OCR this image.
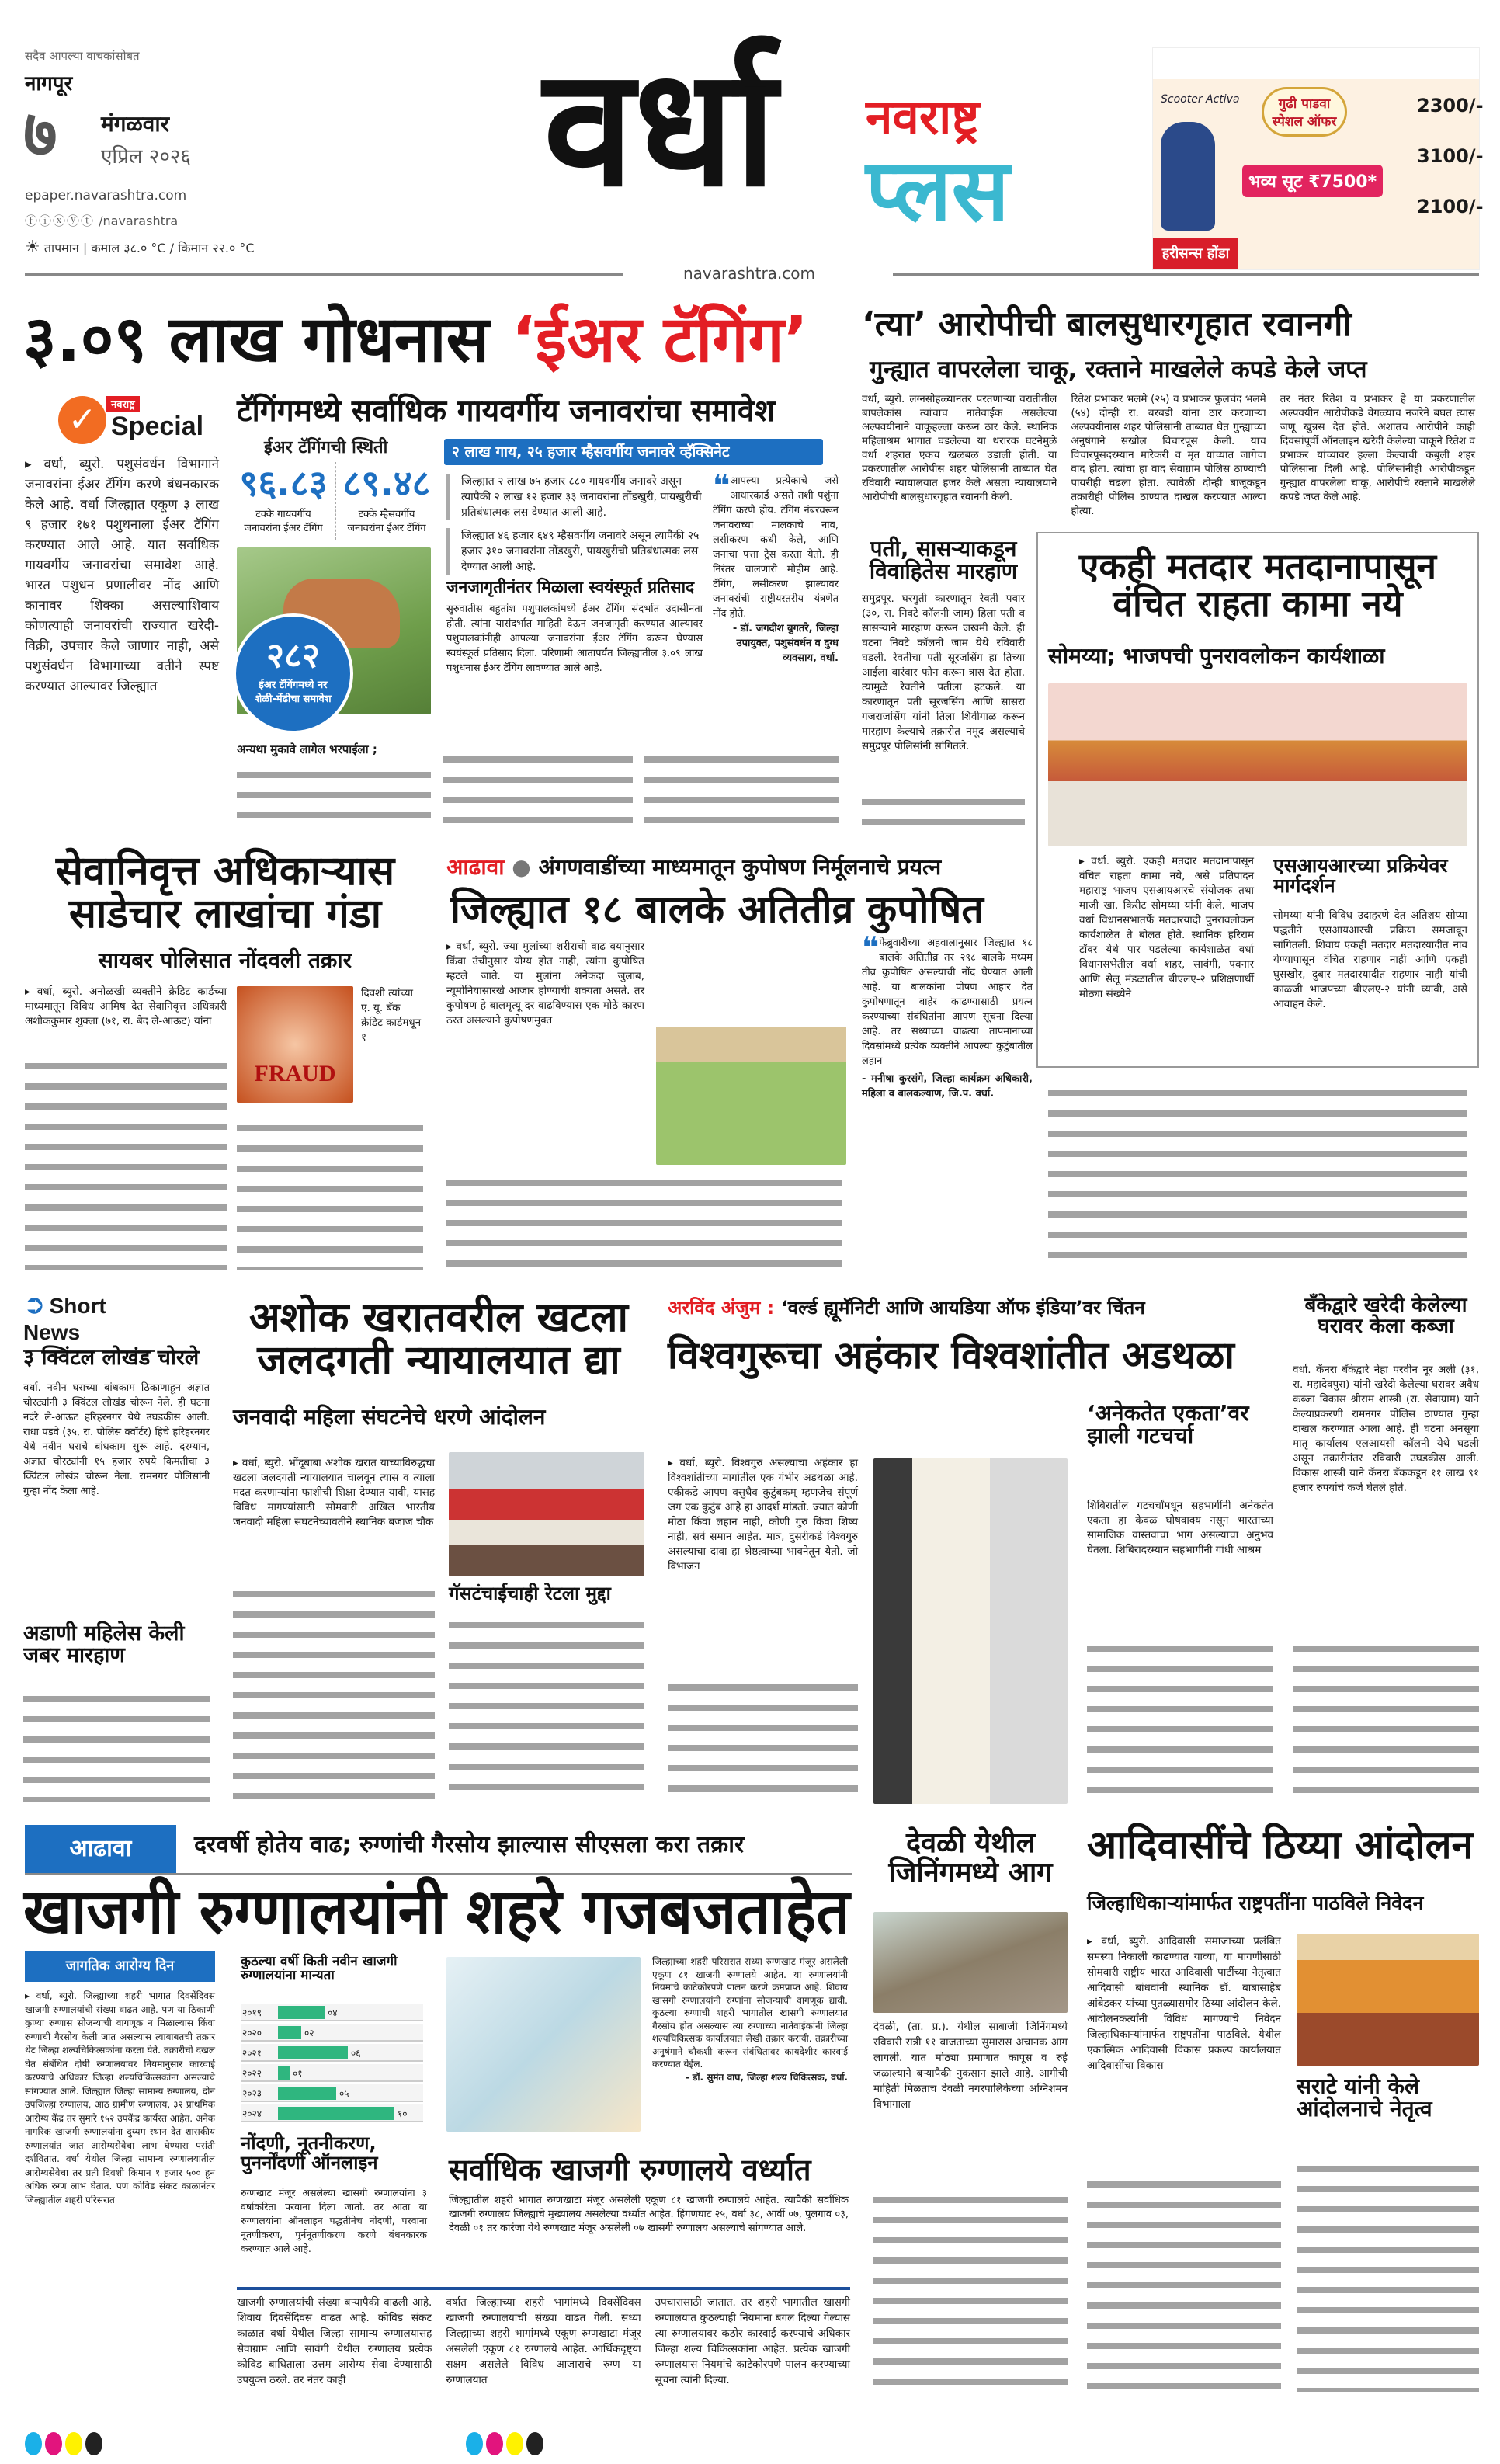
सदैव आपल्या वाचकांसोबत
नागपूर
७ मंगळवार
एप्रिल २०२६
epaper.navarashtra.com
ⓕⓘⓧⓨⓣ /navarashtra
☀ तापमान | कमाल ३८.० °C / किमान २२.० °C
वर्धा	नवराष्ट्र
प्लस
Scooter Activa	गुढी पाडवा स्पेशल ऑफर
भव्य सूट ₹7500*
2300/-
3100/-
2100/-
हरीसन्स होंडा
navarashtra.com
३.०९ लाख गोधनास ‘ईअर टॅगिंग’
✓	नवराष्ट्र
Special
▸ वर्धा, ब्युरो. पशुसंवर्धन विभागाने जनावरांना ईअर टॅगिंग करणे बंधनकारक केले आहे. वर्धा जिल्ह्यात एकूण ३ लाख ९ हजार १७१ पशुधनाला ईअर टॅगिंग करण्यात आले आहे. यात सर्वाधिक गायवर्गीय जनावरांचा समावेश आहे. भारत पशुधन प्रणालीवर नोंद आणि कानावर शिक्का असल्याशिवाय कोणत्याही जनावरांची राज्यात खरेदी-विक्री, उपचार केले जाणार नाही, असे पशुसंवर्धन विभागाच्या वतीने स्पष्ट करण्यात आल्यावर जिल्ह्यात
टॅगिंगमध्ये सर्वाधिक गायवर्गीय जनावरांचा समावेश
ईअर टॅगिंगची स्थिती
९६.८३
टक्के गायवर्गीय जनावरांना ईअर टॅगिंग
८९.४८
टक्के म्हैसवर्गीय जनावरांना ईअर टॅगिंग
२८२
ईअर टॅगिंगमध्ये नर शेळी-मेंढीचा समावेश
२ लाख गाय, २५ हजार म्हैसवर्गीय जनावरे व्हॅक्सिनेट
जिल्ह्यात २ लाख ७५ हजार ८८० गायवर्गीय जनावरे असून त्यापैकी २ लाख १२ हजार ३३ जनावरांना तोंडखुरी, पायखुरीची प्रतिबंधात्मक लस देण्यात आली आहे.
जिल्ह्यात ४६ हजार ६४९ म्हैसवर्गीय जनावरे असून त्यापैकी २५ हजार ३१० जनावरांना तोंडखुरी, पायखुरीची प्रतिबंधात्मक लस देण्यात आली आहे.
❝ आपल्या प्रत्येकाचे जसे आधारकार्ड असते तशी पशुंना टॅगिंग करणे होय. टॅगिंग नंबरवरून जनावराच्या मालकाचे नाव, लसीकरण कधी केले, आणि जनाचा पत्ता ट्रेस करता येतो. ही निरंतर चालणारी मोहीम आहे. टॅगिंग, लसीकरण झाल्यावर जनावरांची राष्ट्रीयस्तरीय यंत्रणेत नोंद होते.
- डॉ. जगदीश बुगतरे, जिल्हा उपायुक्त, पशुसंवर्धन व दुग्ध व्यवसाय, वर्धा.
जनजागृतीनंतर मिळाला स्वयंस्फूर्त प्रतिसाद
सुरुवातीस बहुतांश पशुपालकांमध्ये ईअर टॅगिंग संदर्भात उदासीनता होती. त्यांना यासंदर्भात माहिती देऊन जनजागृती करण्यात आल्यावर पशुपालकांनीही आपल्या जनावरांना ईअर टॅगिंग करून घेण्यास स्वयंस्फूर्त प्रतिसाद दिला. परिणामी आतापर्यंत जिल्ह्यातील ३.०९ लाख पशुधनास ईअर टॅगिंग लावण्यात आले आहे.
अन्यथा मुकावे लागेल भरपाईला ;
‘त्या’ आरोपीची बालसुधारगृहात रवानगी
गुन्ह्यात वापरलेला चाकू, रक्ताने माखलेले कपडे केले जप्त
वर्धा, ब्युरो. लग्नसोहळ्यानंतर परतणाऱ्या वरातीतील बापलेकांस त्यांचाच नातेवाईक असलेल्या अल्पवयीनाने चाकूहल्ला करून ठार केले. स्थानिक महिलाश्रम भागात घडलेल्या या थरारक घटनेमुळे वर्धा शहरात एकच खळबळ उडाली होती. या प्रकरणातील आरोपीस शहर पोलिसांनी ताब्यात घेत रविवारी न्यायालयात हजर केले असता न्यायालयाने आरोपीची बालसुधारगृहात रवानगी केली.
रितेश प्रभाकर भलमे (२५) व प्रभाकर फुलचंद भलमे (५४) दोन्ही रा. बरबडी यांना ठार करणाऱ्या अल्पवयीनास शहर पोलिसांनी ताब्यात घेत गुन्ह्याच्या अनुषंगाने सखोल विचारपूस केली. याच विचारपूसदरम्यान मारेकरी व मृत यांच्यात जागेचा वाद होता. त्यांचा हा वाद सेवाग्राम पोलिस ठाण्याची पायरीही चढला होता. त्यावेळी दोन्ही बाजूकडून तक्रारीही पोलिस ठाण्यात दाखल करण्यात आल्या होत्या.
तर नंतर रितेश व प्रभाकर हे या प्रकरणातील अल्पवयीन आरोपीकडे वेगळ्याच नजरेने बघत त्यास जणू खुन्नस देत होते. अशातच आरोपीने काही दिवसांपूर्वी ऑनलाइन खरेदी केलेल्या चाकूने रितेश व प्रभाकर यांच्यावर हल्ला केल्याची कबुली शहर पोलिसांना दिली आहे. पोलिसांनीही आरोपीकडून गुन्ह्यात वापरलेला चाकू, आरोपीचे रक्ताने माखलेले कपडे जप्त केले आहे.
पती, सासऱ्याकडून विवाहितेस मारहाण
समुद्रपूर. घरगुती कारणातून रेवती पवार (३०, रा. निवटे कॉलनी जाम) हिला पती व सासऱ्याने मारहाण करून जखमी केले. ही घटना निवटे कॉलनी जाम येथे रविवारी घडली. रेवतीचा पती सूरजसिंग हा तिच्या आईला वारंवार फोन करून त्रास देत होता. त्यामुळे रेवतीने पतीला हटकले. या कारणातून पती सूरजसिंग आणि सासरा गजराजसिंग यांनी तिला शिवीगाळ करून मारहाण केल्याचे तक्रारीत नमूद असल्याचे समुद्रपूर पोलिसांनी सांगितले.
एकही मतदार मतदानापासून वंचित राहता कामा नये
सोमय्या; भाजपची पुनरावलोकन कार्यशाळा
▸ वर्धा. ब्युरो. एकही मतदार मतदानापासून वंचित राहता कामा नये, असे प्रतिपादन महाराष्ट्र भाजप एसआयआरचे संयोजक तथा माजी खा. किरीट सोमय्या यांनी केले. भाजप वर्धा विधानसभातर्फे मतदारयादी पुनरावलोकन कार्यशाळेत ते बोलत होते. स्थानिक हरिराम टॉवर येथे पार पडलेल्या कार्यशाळेत वर्धा विधानसभेतील वर्धा शहर, सावंगी, पवनार आणि सेलू मंडळातील बीएलए-२ प्रशिक्षणार्थी मोठ्या संख्येने
एसआयआरच्या प्रक्रियेवर मार्गदर्शन
सोमय्या यांनी विविध उदाहरणे देत अतिशय सोप्या पद्धतीने एसआयआरची प्रक्रिया समजावून सांगितली. शिवाय एकही मतदार मतदारयादीत नाव येण्यापासून वंचित राहणार नाही आणि एकही घुसखोर, दुबार मतदारयादीत राहणार नाही यांची काळजी भाजपच्या बीएलए-२ यांनी घ्यावी, असे आवाहन केले.
सेवानिवृत्त अधिकाऱ्यास साडेचार लाखांचा गंडा
सायबर पोलिसात नोंदवली तक्रार
▸ वर्धा, ब्युरो. अनोळखी व्यक्तीने क्रेडिट कार्डच्या माध्यमातून विविध आमिष देत सेवानिवृत्त अधिकारी अशोककुमार शुक्ला (७१, रा. बेद ले-आऊट) यांना
FRAUD
दिवशी त्यांच्या ए. यू. बँक क्रेडिट कार्डमधून १
आढावा ● अंगणवाडींच्या माध्यमातून कुपोषण निर्मूलनाचे प्रयत्न
जिल्ह्यात १८ बालके अतितीव्र कुपोषित
▸ वर्धा, ब्युरो. ज्या मुलांच्या शरीराची वाढ वयानुसार किंवा उंचीनुसार योग्य होत नाही, त्यांना कुपोषित म्हटले जाते. या मुलांना अनेकदा जुलाब, न्यूमोनियासारखे आजार होण्याची शक्यता असते. तर कुपोषण हे बालमृत्यू दर वाढविण्यास एक मोठे कारण ठरत असल्याने कुपोषणमुक्त
❝ फेब्रुवारीच्या अहवालानुसार जिल्ह्यात १८ बालके अतितीव्र तर २९८ बालके मध्यम तीव्र कुपोषित असल्याची नोंद घेण्यात आली आहे. या बालकांना पोषण आहार देत कुपोषणातून बाहेर काढण्यासाठी प्रयत्न करण्याच्या संबंधितांना आपण सूचना दिल्या आहे. तर सध्याच्या वाढत्या तापमानाच्या दिवसांमध्ये प्रत्येक व्यक्तीने आपल्या कुटुंबातील लहान
- मनीषा कुरसंगे, जिल्हा कार्यक्रम अधिकारी, महिला व बालकल्याण, जि.प. वर्धा.
➲ Short News
३ क्विंटल लोखंड चोरले
वर्धा. नवीन घराच्या बांधकाम ठिकाणाहून अज्ञात चोरट्यांनी ३ क्विंटल लोखंड चोरून नेले. ही घटना नदंरे ले-आऊट हरिहरनगर येथे उघडकीस आली. राधा पडवे (३५, रा. पोलिस क्वॉर्टर) हिचे हरिहरनगर येथे नवीन घराचे बांधकाम सुरू आहे. दरम्यान, अज्ञात चोरट्यांनी १५ हजार रुपये किमतीचा ३ क्विंटल लोखंड चोरून नेला. रामनगर पोलिसांनी गुन्हा नोंद केला आहे.
अडाणी महिलेस केली जबर मारहाण
अशोक खरातवरील खटला जलदगती न्यायालयात द्या
जनवादी महिला संघटनेचे धरणे आंदोलन
▸ वर्धा, ब्युरो. भोंदूबाबा अशोक खरात याच्याविरुद्धचा खटला जलदगती न्यायालयात चालवून त्यास व त्याला मदत करणाऱ्यांना फाशीची शिक्षा देण्यात यावी, यासह विविध मागण्यांसाठी सोमवारी अखिल भारतीय जनवादी महिला संघटनेच्यावतीने स्थानिक बजाज चौक
गॅसटंचाईचाही रेटला मुद्दा
अरविंद अंजुम : ‘वर्ल्ड ह्यूमॅनिटी आणि आयडिया ऑफ इंडिया’वर चिंतन
विश्वगुरूचा अहंकार विश्वशांतीत अडथळा
▸ वर्धा, ब्युरो. विश्वगुरु असल्याचा अहंकार हा विश्वशांतीच्या मार्गातील एक गंभीर अडथळा आहे. एकीकडे आपण वसुधैव कुटुंबकम् म्हणजेच संपूर्ण जग एक कुटुंब आहे हा आदर्श मांडतो. ज्यात कोणी मोठा किंवा लहान नाही, कोणी गुरु किंवा शिष्य नाही, सर्व समान आहेत. मात्र, दुसरीकडे विश्वगुरु असल्याचा दावा हा श्रेष्ठत्वाच्या भावनेतून येतो. जो विभाजन
‘अनेकतेत एकता’वर झाली गटचर्चा
शिबिरातील गटचर्चांमधून सहभागींनी अनेकतेत एकता हा केवळ घोषवाक्य नसून भारताच्या सामाजिक वास्तवाचा भाग असल्याचा अनुभव घेतला. शिबिरादरम्यान सहभागींनी गांधी आश्रम
बँकेद्वारे खरेदी केलेल्या घरावर केला कब्जा
वर्धा. कॅनरा बँकेद्वारे नेहा परवीन नूर अली (३१, रा. महादेवपुरा) यांनी खरेदी केलेल्या घरावर अवैध कब्जा विकास श्रीराम शास्त्री (रा. सेवाग्राम) याने केल्याप्रकरणी रामनगर पोलिस ठाण्यात गुन्हा दाखल करण्यात आला आहे. ही घटना अनसूया मातृ कार्यालय एलआयसी कॉलनी येथे घडली असून तक्रारीनंतर रविवारी उघडकीस आली. विकास शास्त्री याने कॅनरा बँककडून ११ लाख ९१ हजार रुपयांचे कर्ज घेतले होते.
आढावा	दरवर्षी होतेय वाढ; रुग्णांची गैरसोय झाल्यास सीएसला करा तक्रार
खाजगी रुग्णालयांनी शहरे गजबजताहेत
जागतिक आरोग्य दिन
▸ वर्धा, ब्युरो. जिल्ह्याच्या शहरी भागात दिवसेंदिवस खाजगी रुग्णालयांची संख्या वाढत आहे. पण या ठिकाणी कुण्या रुग्णास सोजन्याची वागणूक न मिळाल्यास किंवा रुग्णाची गैरसोय केली जात असल्यास त्याबाबतची तक्रार थेट जिल्हा शल्यचिकित्सकांना करता येते. तक्रारीची दखल घेत संबंधित दोषी रुग्णालयावर नियमानुसार कारवाई करण्याचे अधिकार जिल्हा शल्यचिकित्सकांना असल्याचे सांगण्यात आले. जिल्ह्यात जिल्हा सामान्य रुग्णालय, दोन उपजिल्हा रुग्णालय, आठ ग्रामीण रुग्णालय, ३२ प्राथमिक आरोग्य केंद्र तर सुमारे १५२ उपकेंद्र कार्यरत आहेत. अनेक नागरिक खाजगी रुग्णालयांना दुय्यम स्थान देत शासकीय रुग्णालयांत जात आरोग्यसेवेचा लाभ घेण्यास पसंती दर्शवितात. वर्धा येथील जिल्हा सामान्य रुग्णालयातील आरोग्यसेवेचा तर प्रती दिवशी किमान १ हजार ५०० हून अधिक रुग्ण लाभ घेतात. पण कोविड संकट काळानंतर जिल्ह्यातील शहरी परिसरात
कुठल्या वर्षी किती नवीन खाजगी रुग्णालयांना मान्यता
२०१९	०४
२०२०	०२
२०२१	०६
२०२२	०१
२०२३	०५
२०२४	१०
नोंदणी, नूतनीकरण, पुनर्नोंदणी ऑनलाइन
रुग्णखाट मंजूर असलेल्या खासगी रुग्णालयांना ३ वर्षाकरिता परवाना दिला जातो. तर आता या रुग्णालयांना ऑनलाइन पद्धतीनेच नोंदणी, परवाना नूतणीकरण, पुर्ननूतणीकरण करणे बंधनकारक करण्यात आले आहे.
जिल्ह्याच्या शहरी परिसरात सध्या रुग्णखाट मंजूर असलेली एकूण ८१ खाजगी रुग्णालये आहेत. या रुग्णालयांनी नियमांचे काटेकोरपणे पालन करणे क्रमप्राप्त आहे. शिवाय खासगी रुग्णालयांनी रुग्णांना सौजन्याची वागणूक द्यावी. कुठल्या रुग्णाची शहरी भागातील खासगी रुग्णालयात गैरसोय होत असल्यास त्या रुग्णाच्या नातेवाईकांनी जिल्हा शल्यचिकित्सक कार्यालयात लेखी तक्रार करावी. तक्रारीच्या अनुषंगाने चौकशी करून संबंधितावर कायदेशीर कारवाई करण्यात येईल.
- डॉ. सुमंत वाघ, जिल्हा शल्य चिकित्सक, वर्धा.
सर्वाधिक खाजगी रुग्णालये वर्ध्यात
जिल्ह्यातील शहरी भागात रुग्णखाटा मंजूर असलेली एकूण ८१ खाजगी रुग्णालये आहेत. त्यापैकी सर्वाधिक खाजगी रुग्णालय जिल्ह्याचे मुख्यालय असलेल्या वर्ध्यात आहेत. हिंगणघाट २५, वर्धा ३८, आर्वी ०७, पुलगाव ०३, देवळी ०१ तर कारंजा येथे रुग्णखाट मंजूर असलेली ०७ खासगी रुग्णालय असल्याचे सांगण्यात आले.
खाजगी रुग्णालयांची संख्या बऱ्यापैकी वाढली आहे. शिवाय दिवसेंदिवस वाढत आहे. कोविड संकट काळात वर्धा येथील जिल्हा सामान्य रुग्णालयासह सेवाग्राम आणि सावंगी येथील रुग्णालय प्रत्येक कोविड बाधिताला उत्तम आरोग्य सेवा देण्यासाठी उपयुक्त ठरले. तर नंतर काही
वर्षात जिल्ह्याच्या शहरी भागांमध्ये दिवसेंदिवस खाजगी रुग्णालयांची संख्या वाढत गेली. सध्या जिल्ह्याच्या शहरी भागांमध्ये एकूण रुग्णखाटा मंजूर असलेली एकूण ८१ रुग्णालये आहेत. आर्थिकदृष्ट्या सक्षम असलेले विविध आजाराचे रुग्ण या रुग्णालयात
उपचारासाठी जातात. तर शहरी भागातील खासगी रुग्णालयात कुठल्याही नियमांना बगल दिल्या गेल्यास त्या रुग्णालयावर कठोर कारवाई करण्याचे अधिकार जिल्हा शल्य चिकित्सकांना आहेत. प्रत्येक खाजगी रुग्णालयास नियमांचे काटेकोरपणे पालन करण्याच्या सूचना त्यांनी दिल्या.
देवळी येथील जिनिंगमध्ये आग
देवळी, (ता. प्र.). येथील साबाजी जिनिंगमध्ये रविवारी रात्री ११ वाजताच्या सुमारास अचानक आग लागली. यात मोठ्या प्रमाणात कापूस व रुई जळाल्याने बऱ्यापैकी नुकसान झाले आहे. आगीची माहिती मिळताच देवळी नगरपालिकेच्या अग्निशमन विभागाला
आदिवासींचे ठिय्या आंदोलन
जिल्हाधिकाऱ्यांमार्फत राष्ट्रपतींना पाठविले निवेदन
▸ वर्धा, ब्युरो. आदिवासी समाजाच्या प्रलंबित समस्या निकाली काढण्यात याव्या, या मागणीसाठी सोमवारी राष्ट्रीय भारत आदिवासी पार्टीच्या नेतृत्वात आदिवासी बांधवांनी स्थानिक डॉ. बाबासाहेब आंबेडकर यांच्या पुतळ्यासमोर ठिय्या आंदोलन केले. आंदोलनकर्त्यांनी विविध मागण्यांचे निवेदन जिल्हाधिकाऱ्यांमार्फत राष्ट्रपतींना पाठविले. येथील एकात्मिक आदिवासी विकास प्रकल्प कार्यालयात आदिवासींचा विकास
सराटे यांनी केले आंदोलनाचे नेतृत्व
